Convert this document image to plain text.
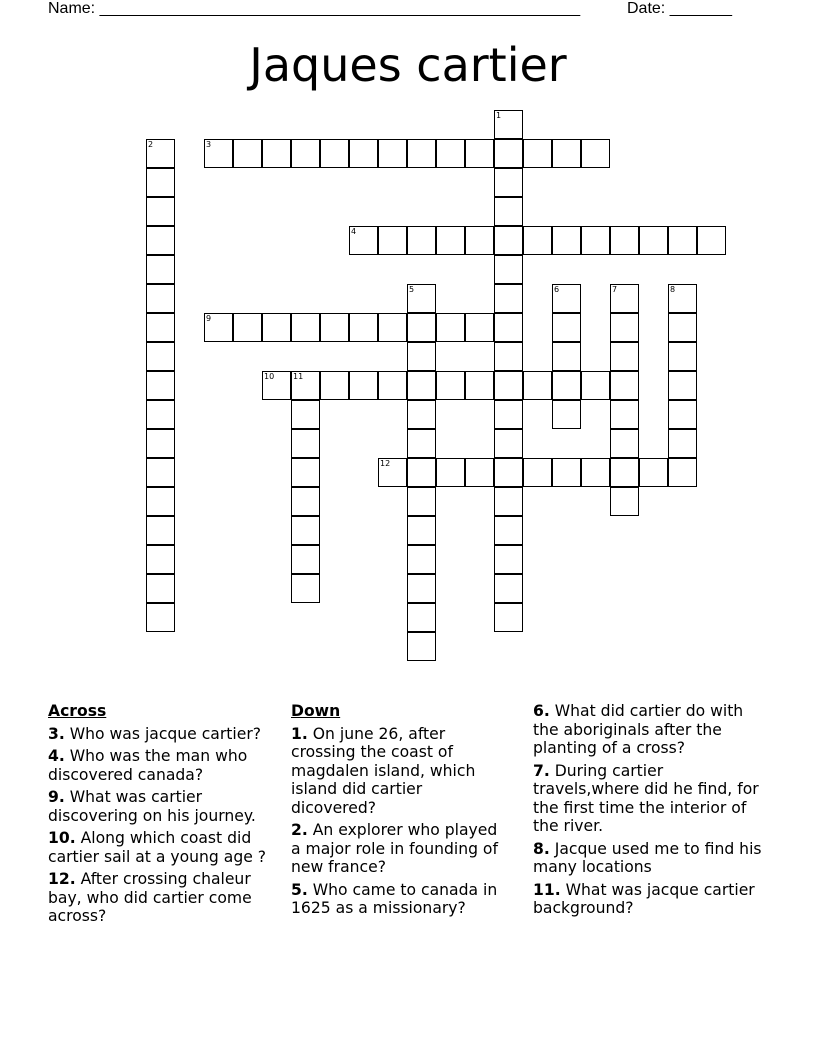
Name: ______________________________________________________	Date: _______
Jaques cartier
1
2	3
4
5	6	7	8
9
10 11
12
Across
3. Who was jacque cartier?
4. Who was the man who discovered canada?
9. What was cartier discovering on his journey.
10. Along which coast did cartier sail at a young age ?
12. After crossing chaleur bay, who did cartier come across?
Down
1. On june 26, after crossing the coast of magdalen island, which island did cartier dicovered?
2. An explorer who played a major role in founding of new france?
5. Who came to canada in 1625 as a missionary?
6. What did cartier do with the aboriginals after the planting of a cross?
7. During cartier travels,where did he find, for the first time the interior of the river.
8. Jacque used me to find his many locations
11. What was jacque cartier background?
